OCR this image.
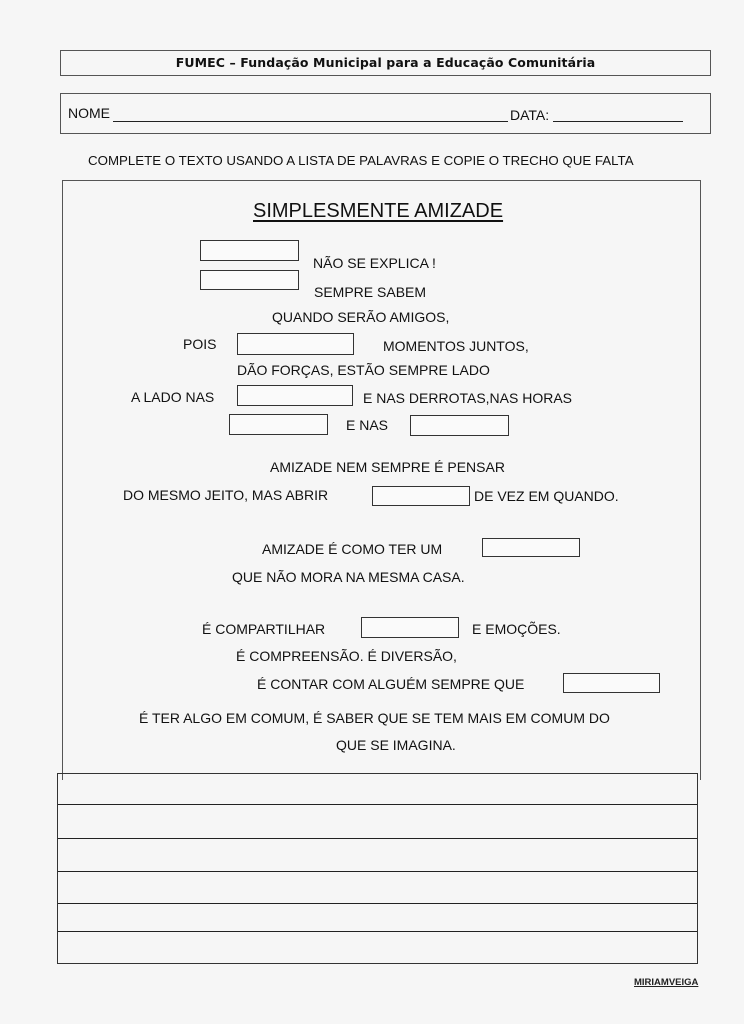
FUMEC – Fundação Municipal para a Educação Comunitária
NOME	DATA:
COMPLETE O TEXTO USANDO A LISTA DE PALAVRAS E COPIE O TRECHO QUE FALTA
SIMPLESMENTE AMIZADE
NÃO SE EXPLICA !
SEMPRE SABEM
QUANDO SERÃO AMIGOS,
POIS	MOMENTOS JUNTOS,
DÃO FORÇAS, ESTÃO SEMPRE LADO
A LADO NAS	E NAS DERROTAS,NAS HORAS
E NAS
AMIZADE NEM SEMPRE É PENSAR
DO MESMO JEITO, MAS ABRIR	DE VEZ EM QUANDO.
AMIZADE É COMO TER UM
QUE NÃO MORA NA MESMA CASA.
É COMPARTILHAR	E EMOÇÕES.
É COMPREENSÃO. É DIVERSÃO,
É CONTAR COM ALGUÉM SEMPRE QUE
É TER ALGO EM COMUM, É SABER QUE SE TEM MAIS EM COMUM DO
QUE SE IMAGINA.
MIRIAMVEIGA
